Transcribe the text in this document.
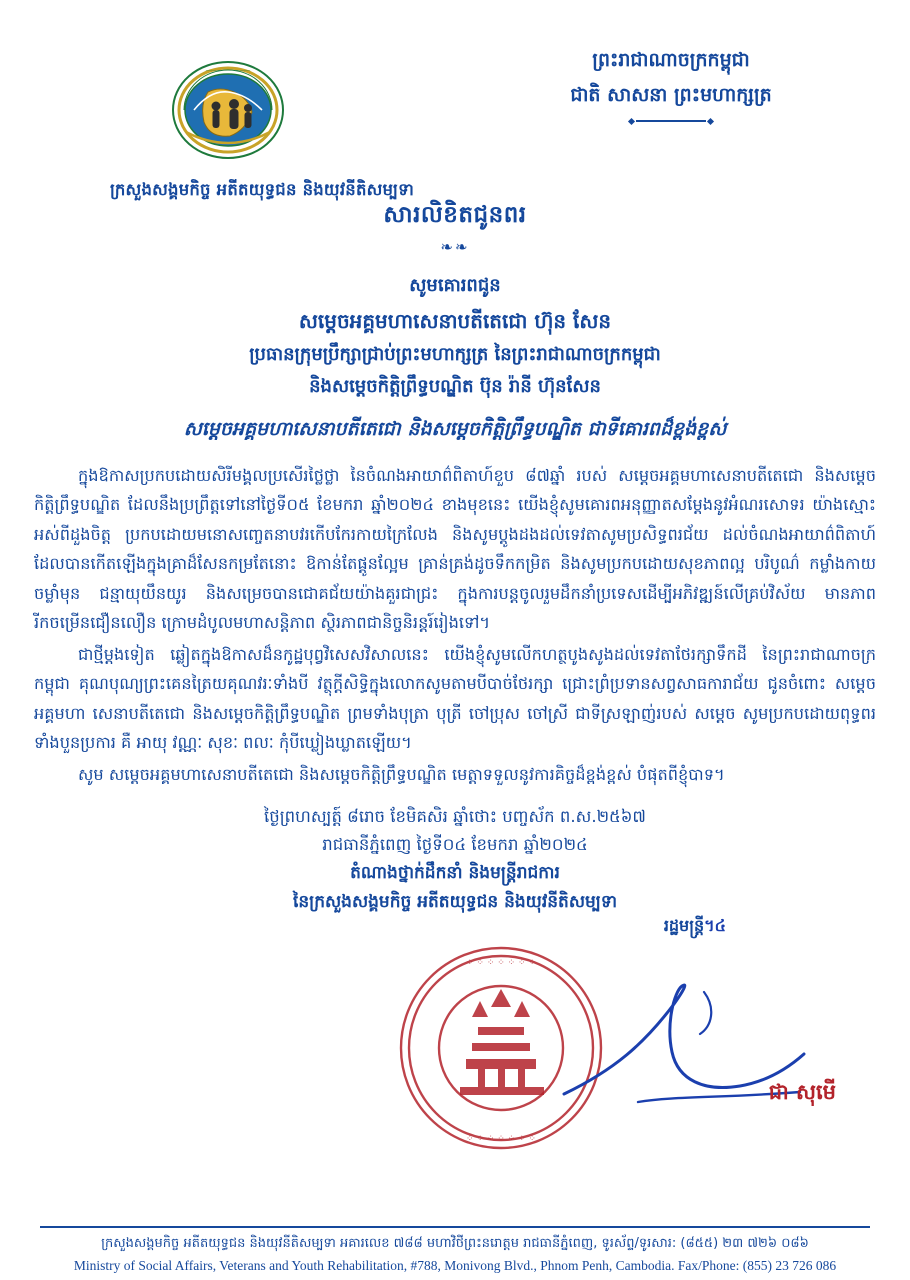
⸻⸻⸻
ក្រសួងសង្គមកិច្ច អតីតយុទ្ធជន និងយុវនីតិសម្បទា
ព្រះរាជាណាចក្រកម្ពុជា
ជាតិ សាសនា ព្រះមហាក្សត្រ
សារលិខិតជូនពរ
❧❧
សូមគោរពជូន
សម្តេចអគ្គមហាសេនាបតីតេជោ ហ៊ុន សែន
ប្រធានក្រុមប្រឹក្សាជ្រាប់ព្រះមហាក្សត្រ នៃព្រះរាជាណាចក្រកម្ពុជា
និងសម្តេចកិត្តិព្រឹទ្ធបណ្ឌិត ប៊ុន រ៉ានី ហ៊ុនសែន
សម្តេចអគ្គមហាសេនាបតីតេជោ និងសម្តេចកិត្តិព្រឹទ្ធបណ្ឌិត ជាទីគោរពដ៏ខ្ពង់ខ្ពស់

ក្នុងឱកាសប្រកបដោយសិរីមង្គលប្រសើរថ្លៃថ្លា នៃចំណងអាយាព៌ពិតាហ៍ខួប ៨៧ឆ្នាំ របស់ សម្តេចអគ្គមហាសេនាបតីតេជោ និងសម្តេចកិត្តិព្រឹទ្ធបណ្ឌិត ដែលនឹងប្រព្រឹត្តទៅនៅថ្ងៃទី០៥ ខែមករា ឆ្នាំ២០២៤ ខាងមុខនេះ យើងខ្ញុំសូមគោរពអនុញ្ញាតសម្តែងនូវអំណរសោទរ យ៉ាងស្មោះអស់ពីដួងចិត្ត ប្រកបដោយមនោសញ្ចេតនាបវរកើបកែរកាយក្រៃលែង និងសូមប្តូងដងដល់ទេវតាសូមប្រសិទ្ធពរជ័យ ដល់ចំណងអាយាព៌ពិតាហ៍ ដែលបានកើតឡើងក្នុងគ្រាដ៏សែនកម្រតែនោះ ឱកាន់តែផ្តូនល្អែម គ្រាន់គ្រង់ដូចទឹកកម្រិត និងសូមប្រកបដោយសុខភាពល្អ បរិបូណ៌ កម្លាំងកាយចម្លាំមុន ជន្មាយុយឹនយូរ និងសម្រេចបានជោគជ័យយ៉ាងគួរជាជ្រះ ក្នុងការបន្តចូលរួមដឹកនាំប្រទេសដើម្បីអភិវឌ្ឍន៍លើគ្រប់វិស័យ មានភាពរីកចម្រើនជឿនលឿន ក្រោមដំបូលមហាសន្តិភាព ស្ថិរភាពជានិច្ចនិរន្តរ៍រៀងទៅ។

ជាថ្មីម្តងទៀត ឆ្លៀតក្នុងឱកាសដ៏នកូដ្ឋបុព្វវិសេសវិសាលនេះ យើងខ្ញុំសូមលើកហត្ថបូងសូងដល់ទេវតាថែរក្សាទឹកដី នៃព្រះរាជាណាចក្រកម្ពុជា គុណបុណ្យព្រះគេនត្រៃយគុណវរៈទាំងបី វត្ថុក្តីសិទ្ធិក្នុងលោកសូមតាមបីបាច់ថែរក្សា ជ្រោះព្រំប្រទានសព្វសាធការាជ័យ ជូនចំពោះ សម្តេចអគ្គមហា សេនាបតីតេជោ និងសម្តេចកិត្តិព្រឹទ្ធបណ្ឌិត ព្រមទាំងបុត្រា បុត្រី ចៅប្រុស ចៅស្រី ជាទីស្រឡាញ់របស់ សម្តេច សូមប្រកបដោយពុទ្ធពរ ទាំងបួនប្រការ គឺ អាយុ វណ្ណៈ សុខៈ ពលៈ កុំបីឃ្លៀងឃ្លាតឡើយ។

សូម សម្តេចអគ្គមហាសេនាបតីតេជោ និងសម្តេចកិត្តិព្រឹទ្ធបណ្ឌិត មេត្តាទទួលនូវការគិច្ចដ៏ខ្ពង់ខ្ពស់ បំផុតពីខ្ញុំបាទ។

ថ្ងៃព្រហស្បត្ត៍ ៨រោច ខែមិគសិរ ឆ្នាំថោះ បញ្ចស័ក ព.ស.២៥៦៧
រាជធានីភ្នំពេញ ថ្ងៃទី០៤ ខែមករា ឆ្នាំ២០២៤
តំណាងថ្នាក់ដឹកនាំ និងមន្ត្រីរាជការ
នៃក្រសួងសង្គមកិច្ច អតីតយុទ្ធជន និងយុវនីតិសម្បទា
រដ្ឋមន្ត្រី។៤
⁘ ⁘ ⁘ ⁘ ⁘ ⁘ ⁘
⁘ ⁘ ⁘ ⁘ ⁘ ⁘ ⁘
ជា សុមេី
ក្រសួងសង្គមកិច្ច អតីតយុទ្ធជន និងយុវនីតិសម្បទា អគារលេខ ៧៨៨ មហាវិថីព្រះនរោត្តម រាជធានីភ្នំពេញ, ទូរស័ព្ទ/ទូរសារ: (៨៥៥) ២៣ ៧២៦ ០៨៦
Ministry of Social Affairs, Veterans and Youth Rehabilitation, #788, Monivong Blvd., Phnom Penh, Cambodia. Fax/Phone: (855) 23 726 086
